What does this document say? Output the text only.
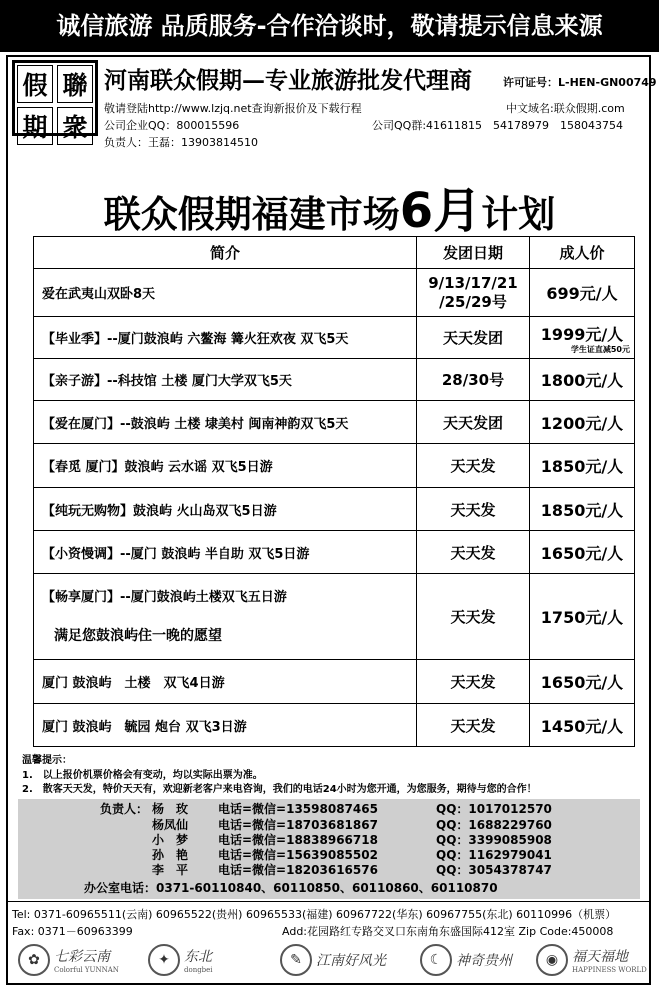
诚信旅游 品质服务-合作洽谈时，敬请提示信息来源
假 聯
期 衆
河南联众假期—专业旅游批发代理商	许可证号：L-HEN-GN00749
敬请登陆http://www.lzjq.net查询新报价及下载行程	中文域名:联众假期.com
公司企业QQ：800015596	公司QQ群:41611815　54178979　158043754
负责人：王磊：13903814510
联众假期福建市场6月计划
简介	发团日期	成人价
爱在武夷山双卧8天	9/13/17/21 /25/29号	699元/人
【毕业季】--厦门鼓浪屿 六鳌海 篝火狂欢夜 双飞5天	天天发团	1999元/人
学生证直减50元

【亲子游】--科技馆 土楼 厦门大学双飞5天	28/30号	1800元/人
【爱在厦门】--鼓浪屿 土楼 埭美村 闽南神韵双飞5天	天天发团	1200元/人
【春觅 厦门】鼓浪屿 云水谣 双飞5日游	天天发	1850元/人
【纯玩无购物】鼓浪屿 火山岛双飞5日游	天天发	1850元/人
【小资慢调】--厦门 鼓浪屿 半自助 双飞5日游	天天发	1650元/人

【畅享厦门】--厦门鼓浪屿土楼双飞五日游
满足您鼓浪屿住一晚的愿望	天天发	1750元/人
厦门 鼓浪屿　土楼　双飞4日游	天天发	1650元/人
厦门 鼓浪屿　毓园 炮台 双飞3日游	天天发	1450元/人
温馨提示：
1.　以上报价机票价格会有变动，均以实际出票为准。
2.　散客天天发，特价天天有，欢迎新老客户来电咨询，我们的电话24小时为您开通，为您服务，期待与您的合作！
负责人： 杨　玫 电话=微信=13598087465	QQ：1017012570
杨凤仙 电话=微信=18703681867	QQ：1688229760
小　梦 电话=微信=18838966718	QQ：3399085908
孙　艳 电话=微信=15639085502	QQ：1162979041
李　平 电话=微信=18203616576	QQ：3054378747
办公室电话：0371-60110840、60110850、60110860、60110870
Tel: 0371-60965511(云南) 60965522(贵州) 60965533(福建) 60967722(华东) 60967755(东北) 60110996（机票）
Fax: 0371－60963399	Add:花园路红专路交叉口东南角东盛国际412室 Zip Code:450008
✿	七彩云南
Colorful YUNNAN
✦	东北
dongbei
✎	江南好风光	☾ 神奇贵州	◉ 福天福地
HAPPINESS WORLD
